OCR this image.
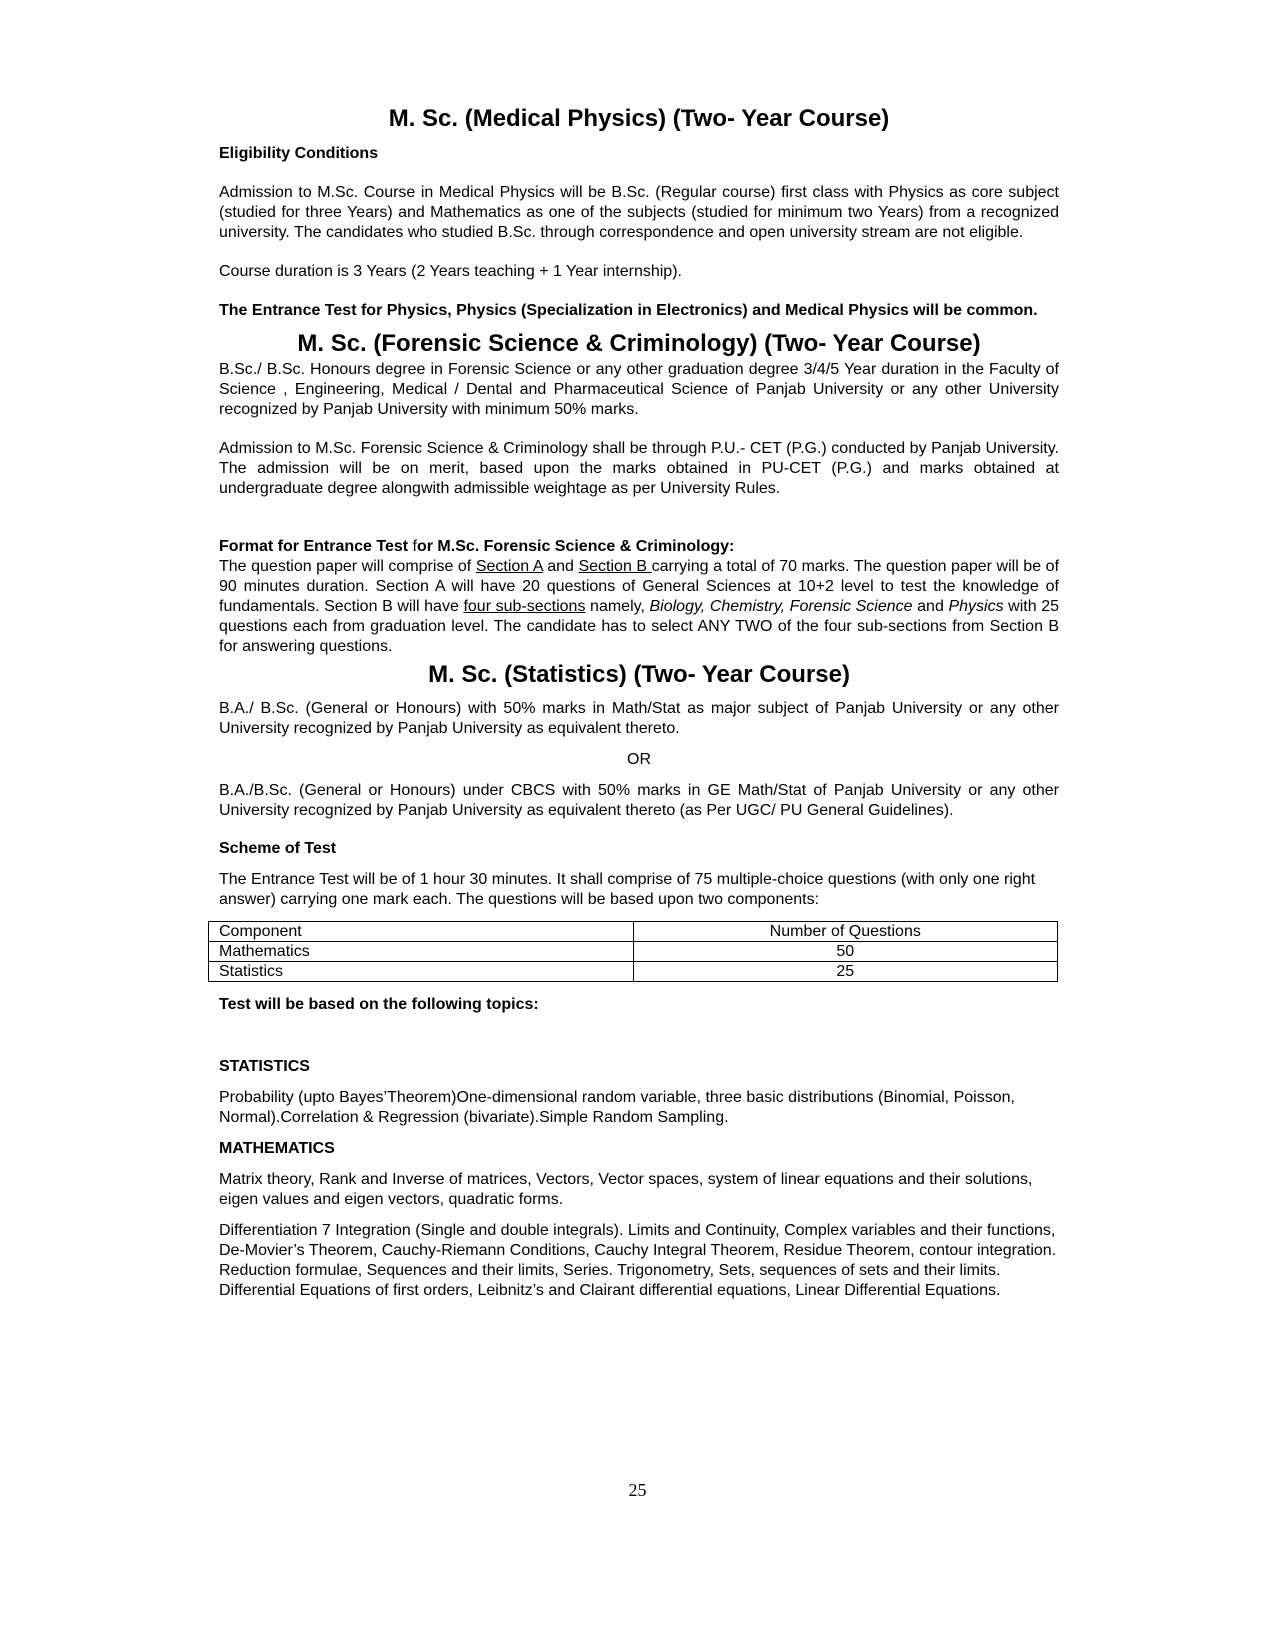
M. Sc. (Medical Physics) (Two- Year Course)

Eligibility Conditions

Admission to M.Sc. Course in Medical Physics will be B.Sc. (Regular course) first class with Physics as core subject (studied for three Years) and Mathematics as one of the subjects (studied for minimum two Years) from a recognized university. The candidates who studied B.Sc. through correspondence and open university stream are not eligible.

Course duration is 3 Years (2 Years teaching + 1 Year internship).

The Entrance Test for Physics, Physics (Specialization in Electronics) and Medical Physics will be common.

M. Sc. (Forensic Science & Criminology) (Two- Year Course)

B.Sc./ B.Sc. Honours degree in Forensic Science or any other graduation degree 3/4/5 Year duration in the Faculty of Science , Engineering, Medical / Dental and Pharmaceutical Science of Panjab University or any other University recognized by Panjab University with minimum 50% marks.

Admission to M.Sc. Forensic Science & Criminology shall be through P.U.- CET (P.G.) conducted by Panjab University. The admission will be on merit, based upon the marks obtained in PU-CET (P.G.) and marks obtained at undergraduate degree alongwith admissible weightage as per University Rules.

Format for Entrance Test for M.Sc. Forensic Science & Criminology:

The question paper will comprise of Section A and Section B carrying a total of 70 marks. The question paper will be of 90 minutes duration. Section A will have 20 questions of General Sciences at 10+2 level to test the knowledge of fundamentals. Section B will have four sub-sections namely, Biology, Chemistry, Forensic Science and Physics with 25 questions each from graduation level. The candidate has to select ANY TWO of the four sub-sections from Section B for answering questions.

M. Sc. (Statistics) (Two- Year Course)

B.A./ B.Sc. (General or Honours) with 50% marks in Math/Stat as major subject of Panjab University or any other University recognized by Panjab University as equivalent thereto.

OR

B.A./B.Sc. (General or Honours) under CBCS with 50% marks in GE Math/Stat of Panjab University or any other University recognized by Panjab University as equivalent thereto (as Per UGC/ PU General Guidelines).

Scheme of Test

The Entrance Test will be of 1 hour 30 minutes. It shall comprise of 75 multiple-choice questions (with only one right answer) carrying one mark each. The questions will be based upon two components:

Component	Number of Questions
Mathematics	50
Statistics	25

Test will be based on the following topics:

STATISTICS

Probability (upto Bayes’Theorem)One-dimensional random variable, three basic distributions (Binomial, Poisson, Normal).Correlation & Regression (bivariate).Simple Random Sampling.

MATHEMATICS

Matrix theory, Rank and Inverse of matrices, Vectors, Vector spaces, system of linear equations and their solutions, eigen values and eigen vectors, quadratic forms.

Differentiation 7 Integration (Single and double integrals). Limits and Continuity, Complex variables and their functions, De-Movier’s Theorem, Cauchy-Riemann Conditions, Cauchy Integral Theorem, Residue Theorem, contour integration. Reduction formulae, Sequences and their limits, Series. Trigonometry, Sets, sequences of sets and their limits. Differential Equations of first orders, Leibnitz’s and Clairant differential equations, Linear Differential Equations.

25
